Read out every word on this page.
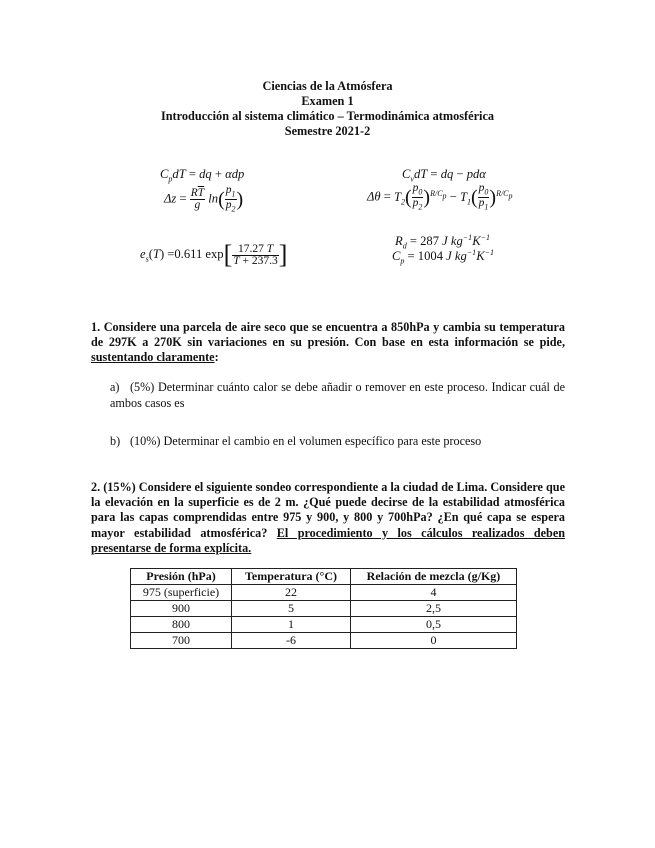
Ciencias de la Atmósfera
Examen 1
Introducción al sistema climático – Termodinámica atmosférica
Semestre 2021-2
$C_pdT$ = dq + αdp	$C_vdT$ = dq − pdα
$\Delta z = \frac{R\overline{T}}{g} \ln( \frac{p_1}{p_2}$ )	$\Delta\theta = T_2( \frac{p_0}{p_2} )^{R/C_p} - T_1( \frac{p_0}{p_1} )^{R/C_p}$
$e_s(T) =0.611$ $\exp[ \frac{17.27 T}{T + 237.3}$ ]	$R_d = 287$ J $kg^{-1}K^{-1}$
$C_p = 1004$ J $kg^{-1}K^{-1}$
1. Considere una parcela de aire seco que se encuentra a 850hPa y cambia su temperatura de 297K a 270K sin variaciones en su presión. Con base en esta información se pide, sustentando claramente:
a) (5%) Determinar cuánto calor se debe añadir o remover en este proceso. Indicar cuál de ambos casos es
b) (10%) Determinar el cambio en el volumen específico para este proceso
2. (15%) Considere el siguiente sondeo correspondiente a la ciudad de Lima. Considere que la elevación en la superficie es de 2 m. ¿Qué puede decirse de la estabilidad atmosférica para las capas comprendidas entre 975 y 900, y 800 y 700hPa? ¿En qué capa se espera mayor estabilidad atmosférica? El procedimiento y los cálculos realizados deben presentarse de forma explícita.
Presión (hPa)	Temperatura (°C)	Relación de mezcla (g/Kg)
975 (superficie)	22	4
900	5	2,5
800	1	0,5
700	-6	0
